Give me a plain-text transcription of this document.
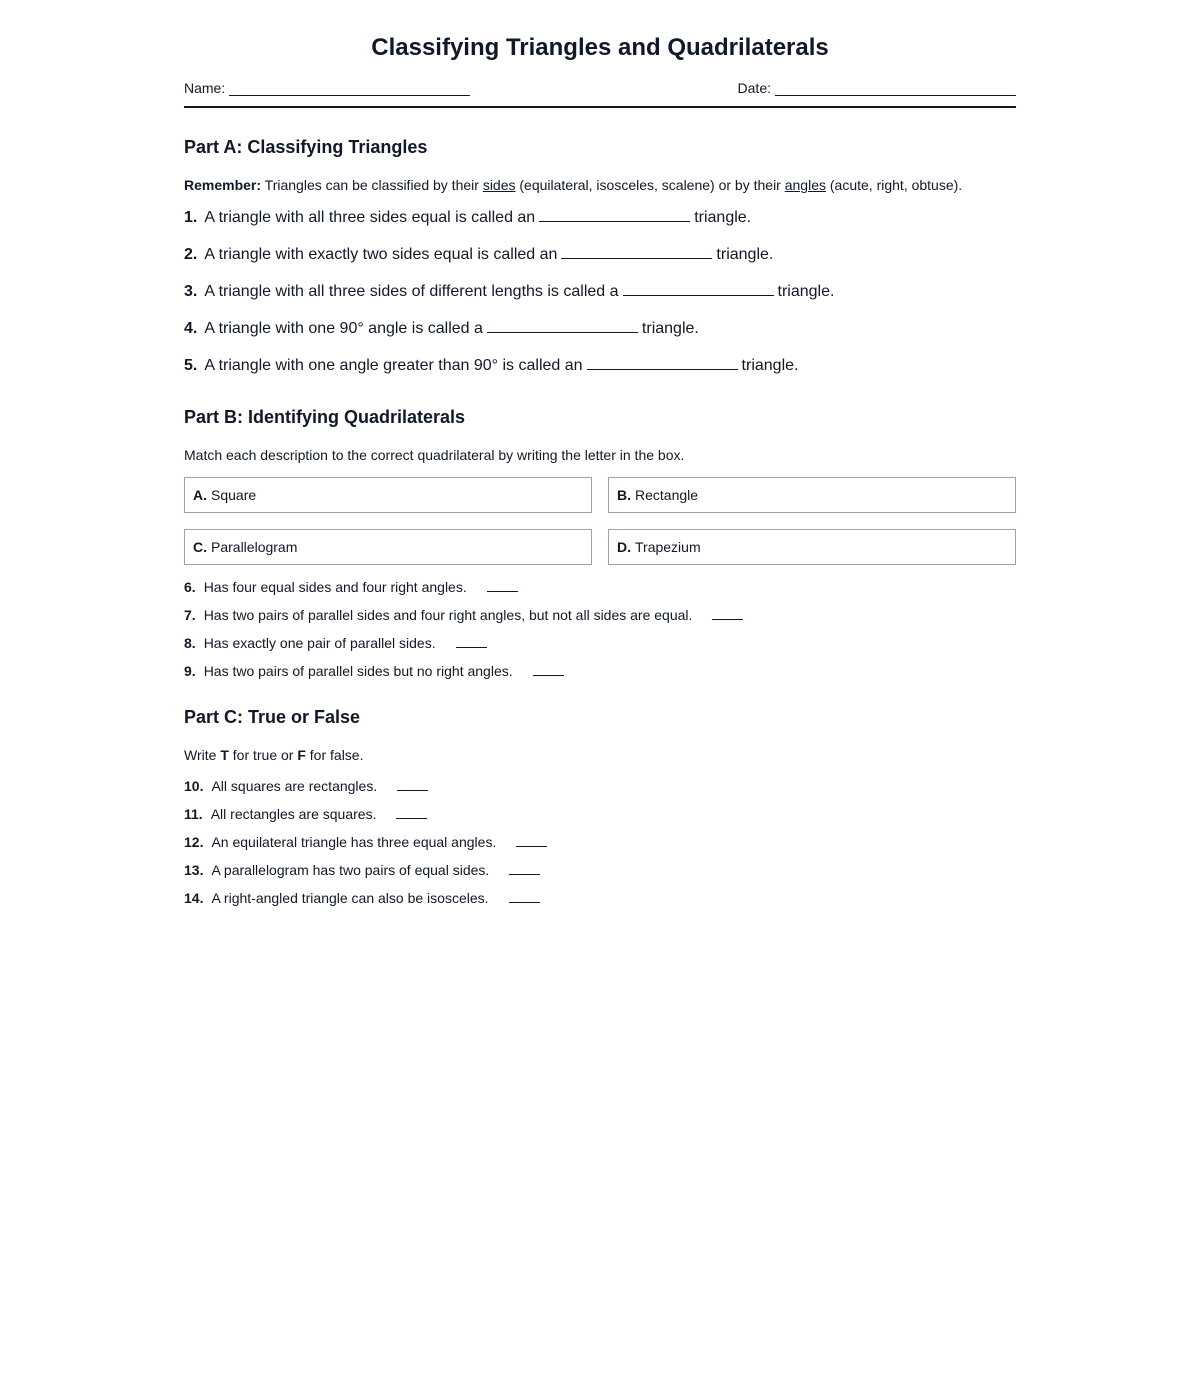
Classifying Triangles and Quadrilaterals
Name:	Date:
Part A: Classifying Triangles
Remember: Triangles can be classified by their sides (equilateral, isosceles, scalene) or by their angles (acute, right, obtuse).
1. A triangle with all three sides equal is called an	triangle.
2. A triangle with exactly two sides equal is called an	triangle.
3. A triangle with all three sides of different lengths is called a	triangle.
4. A triangle with one 90° angle is called a	triangle.
5. A triangle with one angle greater than 90° is called an	triangle.
Part B: Identifying Quadrilaterals
Match each description to the correct quadrilateral by writing the letter in the box.
A. Square	B. Rectangle
C. Parallelogram	D. Trapezium
6. Has four equal sides and four right angles.
7. Has two pairs of parallel sides and four right angles, but not all sides are equal.
8. Has exactly one pair of parallel sides.
9. Has two pairs of parallel sides but no right angles.
Part C: True or False
Write T for true or F for false.
10. All squares are rectangles.
11. All rectangles are squares.
12. An equilateral triangle has three equal angles.
13. A parallelogram has two pairs of equal sides.
14. A right-angled triangle can also be isosceles.
